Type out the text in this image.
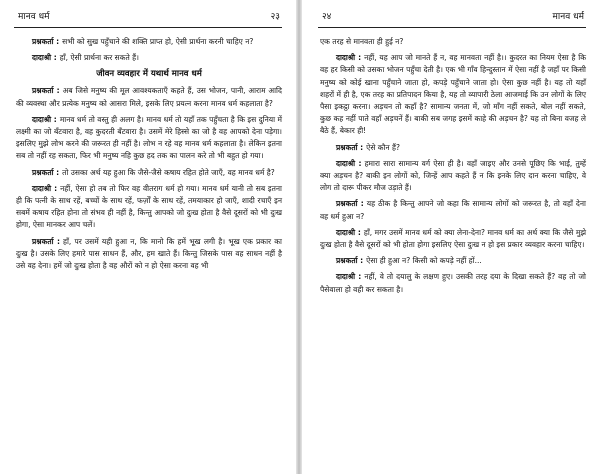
मानव धर्म	२३

प्रश्नकर्ता : सभी को सुख पहुँचाने की शक्ति प्राप्त हो, ऐसी प्रार्थना करनी चाहिए न?

दादाश्री : हाँ, ऐसी प्रार्थना कर सकते हैं।

जीवन व्यवहार में यथार्थ मानव धर्म

प्रश्नकर्ता : अब जिसे मनुष्य की मूल आवश्यकताएँ कहते हैं, उस भोजन, पानी, आराम आदि की व्यवस्था और प्रत्येक मनुष्य को आसरा मिले, इसके लिए प्रयत्न करना मानव धर्म कहलाता है?

दादाश्री : मानव धर्म तो वस्तु ही अलग है। मानव धर्म तो यहाँ तक पहुँचता है कि इस दुनिया में लक्ष्मी का जो बँटवारा है, वह कुदरती बँटवारा है। उसमें मेरे हिस्से का जो है वह आपको देना पड़ेगा। इसलिए मुझे लोभ करने की जरूरत ही नहीं है। लोभ न रहे वह मानव धर्म कहलाता है। लेकिन इतना सब तो नहीं रह सकता, फिर भी मनुष्य नहि कुछ हद तक का पालन करे तो भी बहुत हो गया।

प्रश्नकर्ता : तो उसका अर्थ यह हुआ कि जैसे-जैसे कषाय रहित होते जाएँ, वह मानव धर्म है?

दादाश्री : नहीं, ऐसा हो तब तो फिर वह वीतराग धर्म हो गया। मानव धर्म यानी तो सब इतना ही कि पत्नी के साथ रहें, बच्चों के साथ रहें, फर्ज़ों के साथ रहें, तमयाकार हो जाएँ, शादी रचाएँ इन सबमें कषाय रहित होना तो संभव ही नहीं है, किन्तु आपको जो दुःख होता है वैसे दूसरों को भी दुःख होगा, ऐसा मानकर आप चलें।

प्रश्नकर्ता : हाँ, पर उसमें यही हुआ न, कि मानो कि हमें भूख लगी है। भूख एक प्रकार का दुःख है। उसके लिए हमारे पास साधन हैं, और, हम खाते हैं। किन्तु जिसके पास वह साधन नहीं है उसे वह देना। हमें जो दुःख होता है वह औरों को न हो ऐसा करना वह भी

२४	मानव धर्म

एक तरह से मानवता ही हुई न?

दादाश्री : नहीं, यह आप जो मानते हैं न, वह मानवता नहीं है।। कुदरत का नियम ऐसा है कि वह हर किसी को उसका भोजन पहुँचा देती है। एक भी गाँव हिन्दुस्तान में ऐसा नहीं है जहाँ पर किसी मनुष्य को कोई खाना पहुँचाने जाता हो, कपड़े पहुँचाने जाता हो। ऐसा कुछ नहीं है। यह तो यहाँ शहरों में ही है, एक तरह का प्रतिपादन किया है, यह तो व्यापारी ठेला आजमाई कि उन लोगों के लिए पैसा इकट्ठा करना। अड़चन तो कहाँ है? सामान्य जनता में, जो माँग नहीं सकते, बोल नहीं सकते, कुछ कह नहीं पाते वहाँ अड़चनें हैं। बाकी सब जगह इसमें काहे की अड़चन है? यह तो बिना वजह ले बैठे हैं, बेकार ही!

प्रश्नकर्ता : ऐसे कौन हैं?

दादाश्री : हमारा सारा सामान्य वर्ग ऐसा ही है। वहाँ जाइए और उनसे पूछिए कि भाई, तुम्हें क्या अड़चन है? बाकी इन लोगों को, जिन्हें आप कहते हैं न कि इनके लिए दान करना चाहिए, वे लोग तो दारू पीकर मौज उड़ाते हैं।

प्रश्नकर्ता : यह ठीक है किन्तु आपने जो कहा कि सामान्य लोगों को जरूरत है, तो वहाँ देना वह धर्म हुआ न?

दादाश्री : हाँ, मगर उसमें मानव धर्म को क्या लेना-देना? मानव धर्म का अर्थ क्या कि जैसे मुझे दुःख होता है वैसे दूसरों को भी होता होगा इसलिए ऐसा दुःख न हो इस प्रकार व्यवहार करना चाहिए।

प्रश्नकर्ता : ऐसा ही हुआ न? किसी को कपड़े नहीं हों...

दादाश्री : नहीं, वे तो दयालु के लक्षण हुए। उसकी तरह दया के दिखा सकते हैं? वह तो जो पैसेवाला हो वही कर सकता है।
